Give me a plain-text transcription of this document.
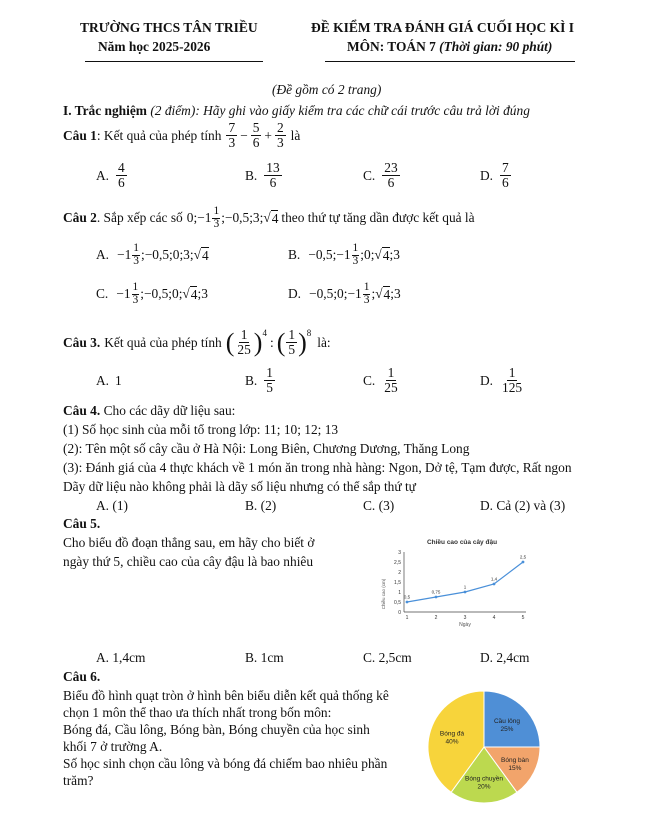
TRƯỜNG THCS TÂN TRIỀU
Năm học 2025-2026
ĐỀ KIỂM TRA ĐÁNH GIÁ CUỐI HỌC KÌ I
MÔN: TOÁN 7 (Thời gian: 90 phút)
(Đề gồm có 2 trang)
I. Trắc nghiệm (2 điểm): Hãy ghi vào giấy kiểm tra các chữ cái trước câu trả lời đúng
Câu 1 : Kết quả của phép tính $\frac{7}{3} - \frac{5}{6} + \frac{2}{3}$ là
A. $\frac{4}{6}$	B. $\frac{13}{6}$	C. $\frac{23}{6}$	D. $\frac{7}{6}$
Câu 2 . Sắp xếp các số 0;−1 1
3 ;−0,5;3;√ 4 theo thứ tự tăng dần được kết quả là
A. −1 1
3 ;−0,5;0;3;√ 4	B. −0,5;−1 1
3 ;0;√ 4 ;3
C. −1 1
3 ;−0,5;0;√ 4 ;3	D. −0,5;0;−1 1
3 ;√ 4 ;3
Câu 3. Kết quả của phép tính ( $\frac{1}{25} )^4$
: ( $\frac{1}{5} )^8$
là:
A. 1	B. $\frac{1}{5}$	C. $\frac{1}{25}$	D. $\frac{1}{125}$
Câu 4. Cho các dãy dữ liệu sau:
(1) Số học sinh của mỗi tổ trong lớp: 11; 10; 12; 13
(2): Tên một số cây cầu ở Hà Nội: Long Biên, Chương Dương, Thăng Long
(3): Đánh giá của 4 thực khách về 1 món ăn trong nhà hàng: Ngon, Dở tệ, Tạm được, Rất ngon
Dãy dữ liệu nào không phải là dãy số liệu nhưng có thể sắp thứ tự
A. (1)	B. (2)	C. (3)	D. Cả (2) và (3)
Câu 5.
Cho biểu đồ đoạn thẳng sau, em hãy cho biết ở
ngày thứ 5, chiều cao của cây đậu là bao nhiêu
Chiều cao của cây đậu
Chiều cao (cm)
Ngày
0
0,5
1
1,5
2
2,5
3
1	2	3	4	5
0,5
0,75
1
1,4
2,5
A. 1,4cm	B. 1cm	C. 2,5cm	D. 2,4cm
Câu 6.
Biểu đồ hình quạt tròn ở hình bên biểu diễn kết quả thống kê
chọn 1 môn thể thao ưa thích nhất trong bốn môn:
Bóng đá, Cầu lông, Bóng bàn, Bóng chuyền của học sinh
khối 7 ở trường A.
Số học sinh chọn cầu lông và bóng đá chiếm bao nhiêu phần
trăm?
Cầu lông
25%
Bóng bàn
15%
Bóng chuyền
20%
Bóng đá
40%
